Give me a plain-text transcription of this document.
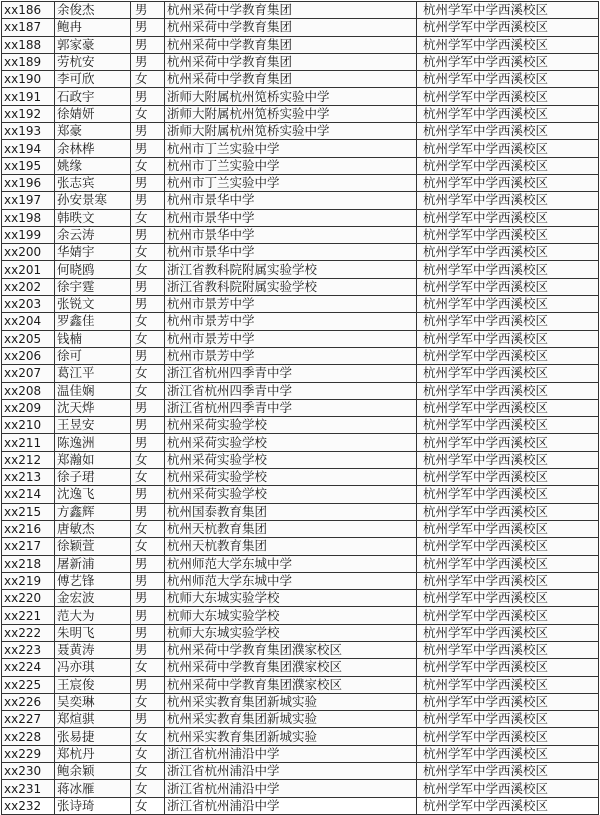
xx186	余俊杰	男	杭州采荷中学教育集团	杭州学军中学西溪校区
xx187	鲍冉	男	杭州采荷中学教育集团	杭州学军中学西溪校区
xx188	郭家豪	男	杭州采荷中学教育集团	杭州学军中学西溪校区
xx189	劳杭安	男	杭州采荷中学教育集团	杭州学军中学西溪校区
xx190	李可欣	女	杭州采荷中学教育集团	杭州学军中学西溪校区
xx191	石政宇	男	浙师大附属杭州笕桥实验中学	杭州学军中学西溪校区
xx192	徐婧妍	女	浙师大附属杭州笕桥实验中学	杭州学军中学西溪校区
xx193	郑豪	男	浙师大附属杭州笕桥实验中学	杭州学军中学西溪校区
xx194	余林桦	男	杭州市丁兰实验中学	杭州学军中学西溪校区
xx195	姚缘	女	杭州市丁兰实验中学	杭州学军中学西溪校区
xx196	张志宾	男	杭州市丁兰实验中学	杭州学军中学西溪校区
xx197	孙安景寒	男	杭州市景华中学	杭州学军中学西溪校区
xx198	韩昳文	女	杭州市景华中学	杭州学军中学西溪校区
xx199	余云涛	男	杭州市景华中学	杭州学军中学西溪校区
xx200	华婧宇	女	杭州市景华中学	杭州学军中学西溪校区
xx201	何晓鸥	女	浙江省教科院附属实验学校	杭州学军中学西溪校区
xx202	徐宇霆	男	浙江省教科院附属实验学校	杭州学军中学西溪校区
xx203	张锐文	男	杭州市景芳中学	杭州学军中学西溪校区
xx204	罗鑫佳	女	杭州市景芳中学	杭州学军中学西溪校区
xx205	钱楠	女	杭州市景芳中学	杭州学军中学西溪校区
xx206	徐可	男	杭州市景芳中学	杭州学军中学西溪校区
xx207	葛江平	女	浙江省杭州四季青中学	杭州学军中学西溪校区
xx208	温佳娴	女	浙江省杭州四季青中学	杭州学军中学西溪校区
xx209	沈天烨	男	浙江省杭州四季青中学	杭州学军中学西溪校区
xx210	王昱安	男	杭州采荷实验学校	杭州学军中学西溪校区
xx211	陈逸洲	男	杭州采荷实验学校	杭州学军中学西溪校区
xx212	郑瀚如	女	杭州采荷实验学校	杭州学军中学西溪校区
xx213	徐子珺	女	杭州采荷实验学校	杭州学军中学西溪校区
xx214	沈逸飞	男	杭州采荷实验学校	杭州学军中学西溪校区
xx215	方鑫辉	男	杭州国泰教育集团	杭州学军中学西溪校区
xx216	唐敏杰	女	杭州天杭教育集团	杭州学军中学西溪校区
xx217	徐颖萱	女	杭州天杭教育集团	杭州学军中学西溪校区
xx218	屠新浦	男	杭州师范大学东城中学	杭州学军中学西溪校区
xx219	傅艺锋	男	杭州师范大学东城中学	杭州学军中学西溪校区
xx220	金宏波	男	杭师大东城实验学校	杭州学军中学西溪校区
xx221	范大为	男	杭师大东城实验学校	杭州学军中学西溪校区
xx222	朱明飞	男	杭师大东城实验学校	杭州学军中学西溪校区
xx223	聂黄涛	男	杭州采荷中学教育集团濮家校区	杭州学军中学西溪校区
xx224	冯亦琪	女	杭州采荷中学教育集团濮家校区	杭州学军中学西溪校区
xx225	王宸俊	男	杭州采荷中学教育集团濮家校区	杭州学军中学西溪校区
xx226	吴奕琳	女	杭州采实教育集团新城实验	杭州学军中学西溪校区
xx227	郑煊骐	男	杭州采实教育集团新城实验	杭州学军中学西溪校区
xx228	张易捷	女	杭州采实教育集团新城实验	杭州学军中学西溪校区
xx229	郑杭丹	女	浙江省杭州浦沿中学	杭州学军中学西溪校区
xx230	鲍余颖	女	浙江省杭州浦沿中学	杭州学军中学西溪校区
xx231	蒋冰雁	女	浙江省杭州浦沿中学	杭州学军中学西溪校区
xx232	张诗琦	女	浙江省杭州浦沿中学	杭州学军中学西溪校区
